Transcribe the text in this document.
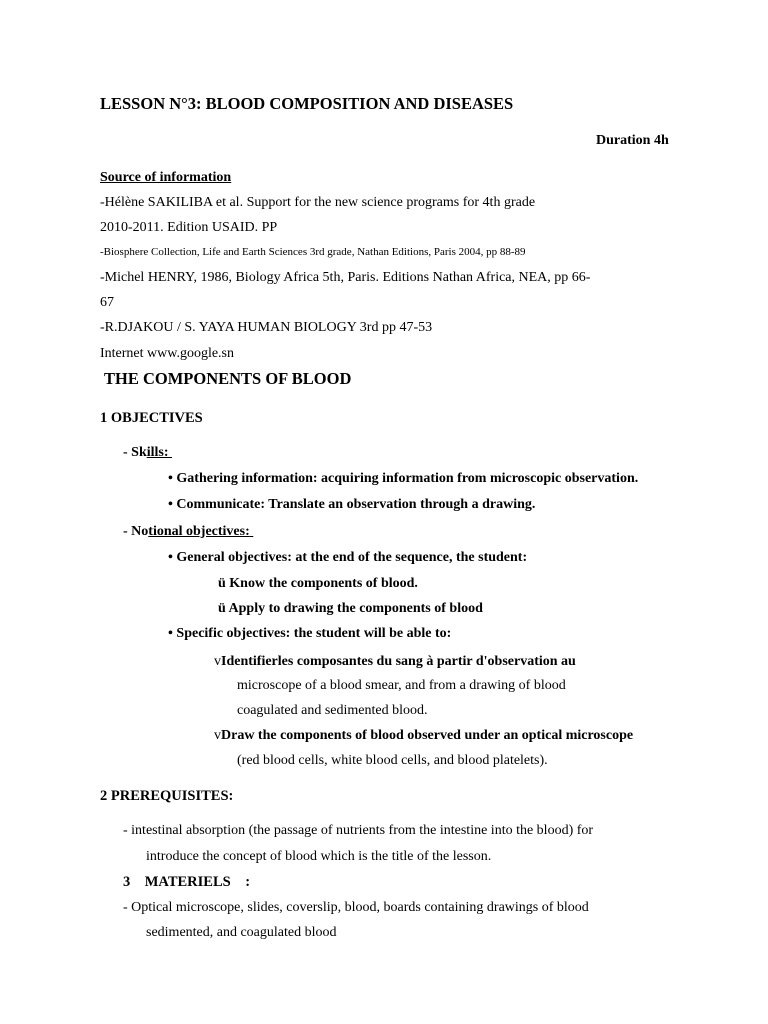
LESSON N°3: BLOOD COMPOSITION AND DISEASES
Duration 4h
Source of information
-Hélène SAKILIBA et al. Support for the new science programs for 4th grade
2010-2011. Edition USAID. PP
-Biosphere Collection, Life and Earth Sciences 3rd grade, Nathan Editions, Paris 2004, pp 88-89
-Michel HENRY, 1986, Biology Africa 5th, Paris. Editions Nathan Africa, NEA, pp 66-
67
-R.DJAKOU / S. YAYA HUMAN BIOLOGY 3rd pp 47-53
Internet www.google.sn
THE COMPONENTS OF BLOOD
1 OBJECTIVES
- Skills:
• Gathering information: acquiring information from microscopic observation.
• Communicate: Translate an observation through a drawing.
- Notional objectives:
• General objectives: at the end of the sequence, the student:
ü Know the components of blood.
ü Apply to drawing the components of blood
• Specific objectives: the student will be able to:
vIdentifierles composantes du sang à partir d'observation au
microscope of a blood smear, and from a drawing of blood
coagulated and sedimented blood.
vDraw the components of blood observed under an optical microscope
(red blood cells, white blood cells, and blood platelets).
2 PREREQUISITES:
- intestinal absorption (the passage of nutrients from the intestine into the blood) for
introduce the concept of blood which is the title of the lesson.
3    MATERIELS    :
- Optical microscope, slides, coverslip, blood, boards containing drawings of blood
sedimented, and coagulated blood
